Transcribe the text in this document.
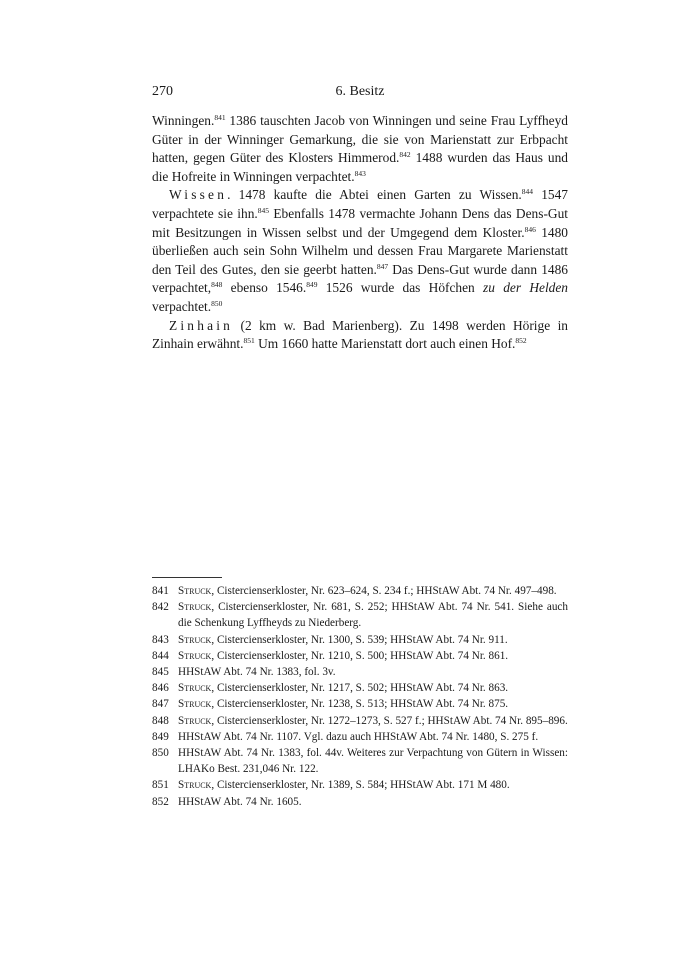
270	6. Besitz

Winningen.$^{841}$ 1386 tauschten Jacob von Winningen und seine Frau Lyffheyd Güter in der Winninger Gemarkung, die sie von Marienstatt zur Erbpacht hatten, gegen Güter des Klosters Himmerod.$^{842}$ 1488 wurden das Haus und die Hofreite in Winningen verpachtet.$^{843}$

Wissen. 1478 kaufte die Abtei einen Garten zu Wissen.$^{844}$ 1547 verpachtete sie ihn.$^{845}$ Ebenfalls 1478 vermachte Johann Dens das Dens-Gut mit Besitzungen in Wissen selbst und der Umgegend dem Kloster.$^{846}$ 1480 überließen auch sein Sohn Wilhelm und dessen Frau Margarete Marienstatt den Teil des Gutes, den sie geerbt hatten.$^{847}$ Das Dens-Gut wurde dann 1486 verpachtet,$^{848}$ ebenso 1546.$^{849}$ 1526 wurde das Höfchen zu der Helden verpachtet.$^{850}$

Zinhain (2 km w. Bad Marienberg). Zu 1498 werden Hörige in Zinhain erwähnt.$^{851}$ Um 1660 hatte Marienstatt dort auch einen Hof.$^{852}$

841 Struck, Cistercienserkloster, Nr. 623–624, S. 234 f.; HHStAW Abt. 74 Nr. 497–498.
842 Struck, Cistercienserkloster, Nr. 681, S. 252; HHStAW Abt. 74 Nr. 541. Siehe auch die Schenkung Lyffheyds zu Niederberg.
843 Struck, Cistercienserkloster, Nr. 1300, S. 539; HHStAW Abt. 74 Nr. 911.
844 Struck, Cistercienserkloster, Nr. 1210, S. 500; HHStAW Abt. 74 Nr. 861.
845 HHStAW Abt. 74 Nr. 1383, fol. 3v.
846 Struck, Cistercienserkloster, Nr. 1217, S. 502; HHStAW Abt. 74 Nr. 863.
847 Struck, Cistercienserkloster, Nr. 1238, S. 513; HHStAW Abt. 74 Nr. 875.
848 Struck, Cistercienserkloster, Nr. 1272–1273, S. 527 f.; HHStAW Abt. 74 Nr. 895–896.
849 HHStAW Abt. 74 Nr. 1107. Vgl. dazu auch HHStAW Abt. 74 Nr. 1480, S. 275 f.
850 HHStAW Abt. 74 Nr. 1383, fol. 44v. Weiteres zur Verpachtung von Gütern in Wissen: LHAKo Best. 231,046 Nr. 122.
851 Struck, Cistercienserkloster, Nr. 1389, S. 584; HHStAW Abt. 171 M 480.
852 HHStAW Abt. 74 Nr. 1605.
